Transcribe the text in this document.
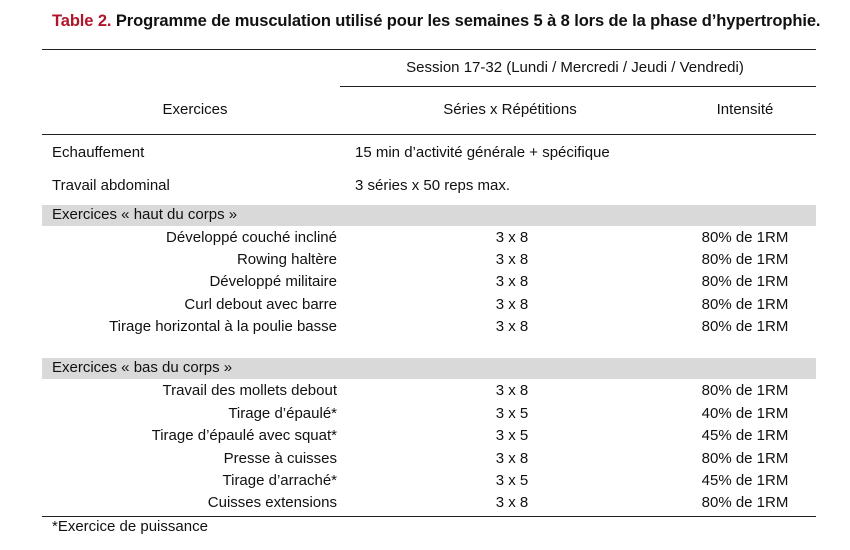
Table 2. Programme de musculation utilisé pour les semaines 5 à 8 lors de la phase d’hypertrophie.
Session 17-32 (Lundi / Mercredi / Jeudi / Vendredi)
Exercices	Séries x Répétitions	Intensité
Echauffement	15 min d’activité générale + spécifique
Travail abdominal	3 séries x 50 reps max.
Exercices « haut du corps »
Développé couché incliné	3 x 8	80% de 1RM
Rowing haltère	3 x 8	80% de 1RM
Développé militaire	3 x 8	80% de 1RM
Curl debout avec barre	3 x 8	80% de 1RM
Tirage horizontal à la poulie basse	3 x 8	80% de 1RM
Exercices « bas du corps »
Travail des mollets debout	3 x 8	80% de 1RM
Tirage d’épaulé*	3 x 5	40% de 1RM
Tirage d’épaulé avec squat*	3 x 5	45% de 1RM
Presse à cuisses	3 x 8	80% de 1RM
Tirage d’arraché*	3 x 5	45% de 1RM
Cuisses extensions	3 x 8	80% de 1RM
*Exercice de puissance
